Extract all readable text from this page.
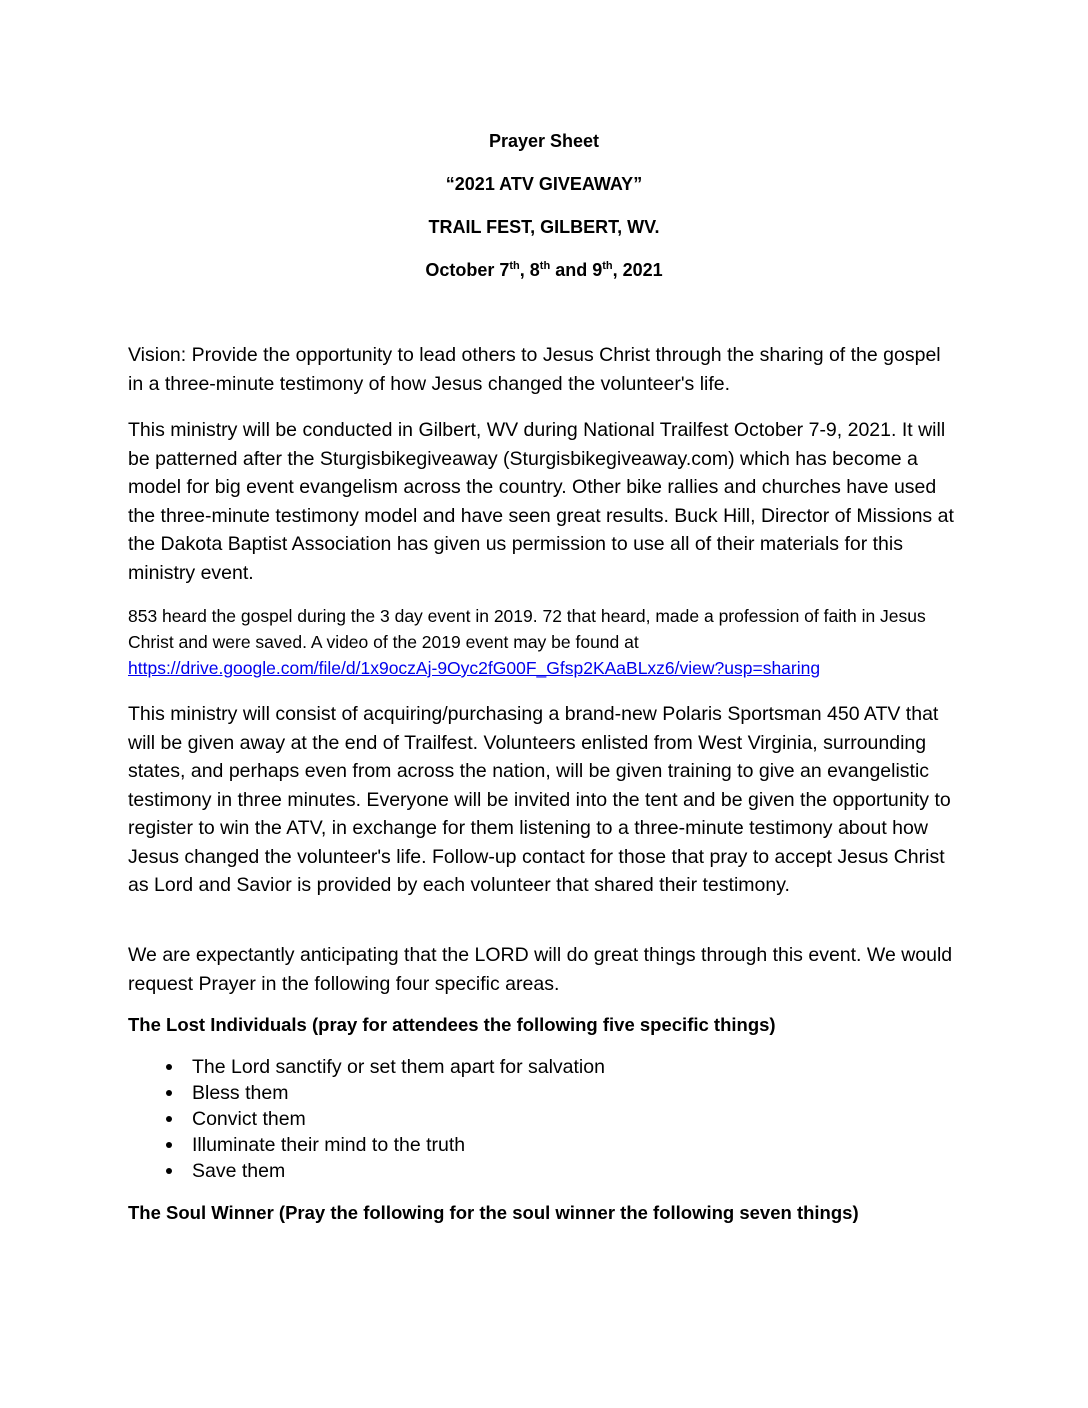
Prayer Sheet
“2021 ATV GIVEAWAY”
TRAIL FEST, GILBERT, WV.
October 7th, 8th and 9th, 2021

Vision: Provide the opportunity to lead others to Jesus Christ through the sharing of the gospel in a three-minute testimony of how Jesus changed the volunteer's life.

This ministry will be conducted in Gilbert, WV during National Trailfest October 7-9, 2021. It will be patterned after the Sturgisbikegiveaway (Sturgisbikegiveaway.com) which has become a model for big event evangelism across the country. Other bike rallies and churches have used the three-minute testimony model and have seen great results. Buck Hill, Director of Missions at the Dakota Baptist Association has given us permission to use all of their materials for this ministry event.

853 heard the gospel during the 3 day event in 2019. 72 that heard, made a profession of faith in Jesus Christ and were saved. A video of the 2019 event may be found at
https://drive.google.com/file/d/1x9oczAj-9Oyc2fG00F_Gfsp2KAaBLxz6/view?usp=sharing

This ministry will consist of acquiring/purchasing a brand-new Polaris Sportsman 450 ATV that will be given away at the end of Trailfest. Volunteers enlisted from West Virginia, surrounding states, and perhaps even from across the nation, will be given training to give an evangelistic testimony in three minutes. Everyone will be invited into the tent and be given the opportunity to register to win the ATV, in exchange for them listening to a three-minute testimony about how Jesus changed the volunteer's life. Follow-up contact for those that pray to accept Jesus Christ as Lord and Savior is provided by each volunteer that shared their testimony.

We are expectantly anticipating that the LORD will do great things through this event. We would request Prayer in the following four specific areas.

The Lost Individuals (pray for attendees the following five specific things)

The Lord sanctify or set them apart for salvation
Bless them
Convict them
Illuminate their mind to the truth
Save them

The Soul Winner (Pray the following for the soul winner the following seven things)
